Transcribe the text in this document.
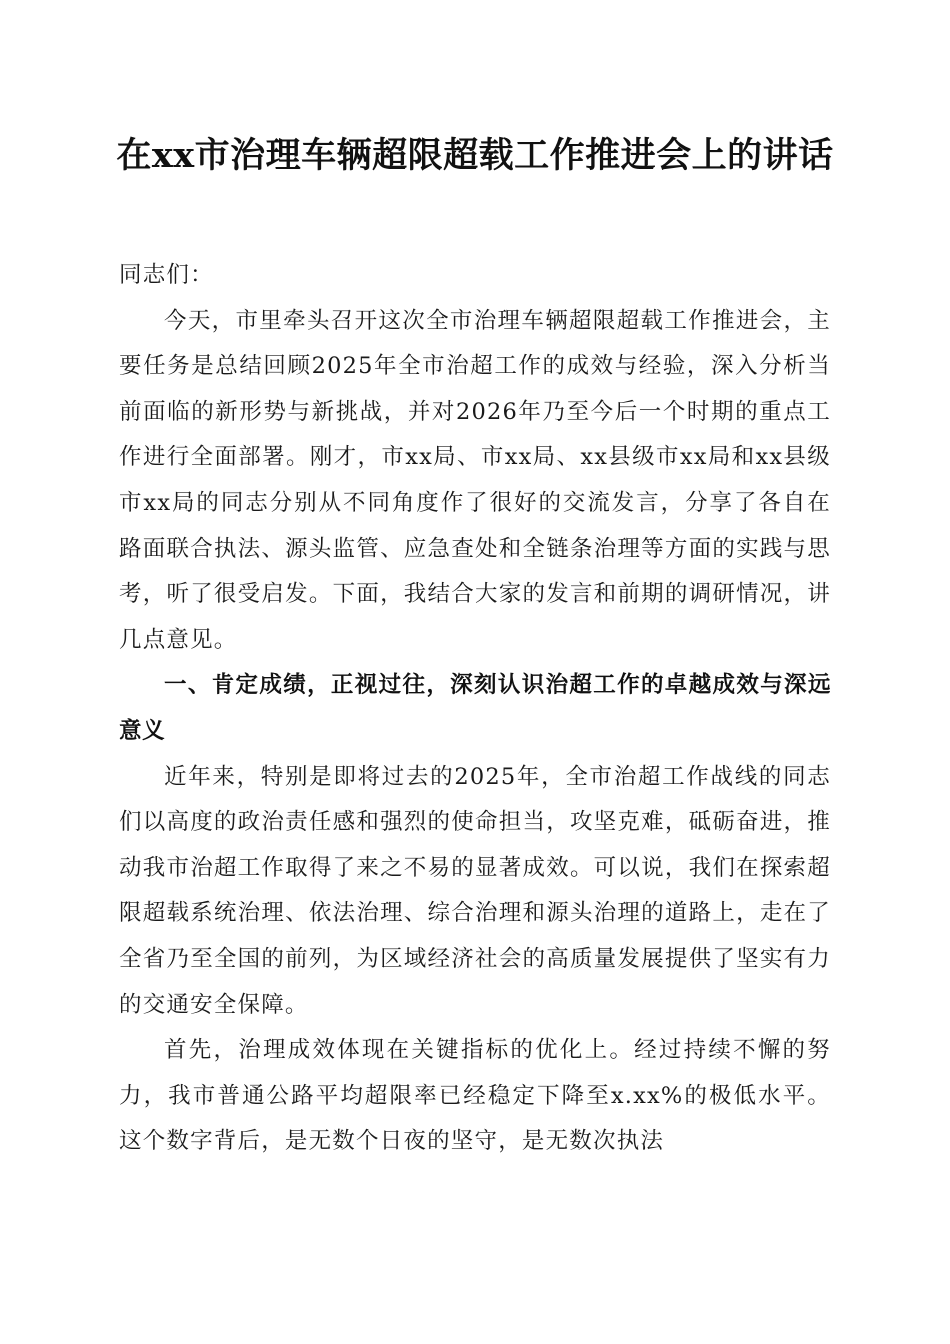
在xx市治理车辆超限超载工作推进会上的讲话

同志们：

今天，市里牵头召开这次全市治理车辆超限超载工作推进会，主要任务是总结回顾2025年全市治超工作的成效与经验，深入分析当前面临的新形势与新挑战，并对2026年乃至今后一个时期的重点工作进行全面部署。刚才，市xx局、市xx局、xx县级市xx局和xx县级市xx局的同志分别从不同角度作了很好的交流发言，分享了各自在路面联合执法、源头监管、应急查处和全链条治理等方面的实践与思考，听了很受启发。下面，我结合大家的发言和前期的调研情况，讲几点意见。

一、肯定成绩，正视过往，深刻认识治超工作的卓越成效与深远意义

近年来，特别是即将过去的2025年，全市治超工作战线的同志们以高度的政治责任感和强烈的使命担当，攻坚克难，砥砺奋进，推动我市治超工作取得了来之不易的显著成效。可以说，我们在探索超限超载系统治理、依法治理、综合治理和源头治理的道路上，走在了全省乃至全国的前列，为区域经济社会的高质量发展提供了坚实有力的交通安全保障。

首先，治理成效体现在关键指标的优化上。经过持续不懈的努力，我市普通公路平均超限率已经稳定下降至x.xx%的极低水平。这个数字背后，是无数个日夜的坚守，是无数次执法
